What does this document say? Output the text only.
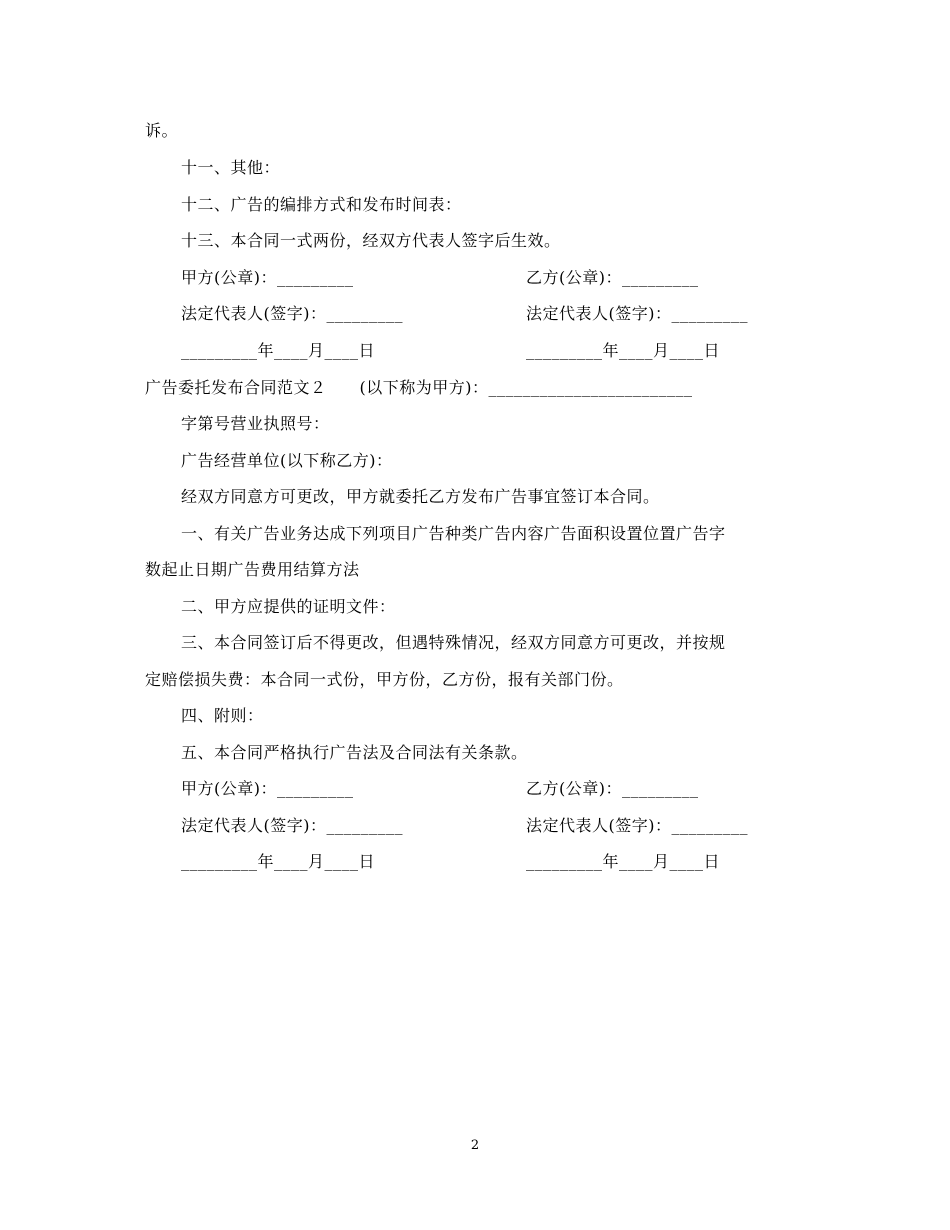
诉。
十一、其他：
十二、广告的编排方式和发布时间表：
十三、本合同一式两份，经双方代表人签字后生效。
甲方(公章)：_________	乙方(公章)：_________
法定代表人(签字)：_________	法定代表人(签字)：_________
_________年____月____日	_________年____月____日
广告委托发布合同范文２　　(以下称为甲方)：________________________
字第号营业执照号：
广告经营单位(以下称乙方)：
经双方同意方可更改，甲方就委托乙方发布广告事宜签订本合同。
一、有关广告业务达成下列项目广告种类广告内容广告面积设置位置广告字
数起止日期广告费用结算方法
二、甲方应提供的证明文件：
三、本合同签订后不得更改，但遇特殊情况，经双方同意方可更改，并按规
定赔偿损失费：本合同一式份，甲方份，乙方份，报有关部门份。
四、附则：
五、本合同严格执行广告法及合同法有关条款。
甲方(公章)：_________	乙方(公章)：_________
法定代表人(签字)：_________	法定代表人(签字)：_________
_________年____月____日	_________年____月____日
2
